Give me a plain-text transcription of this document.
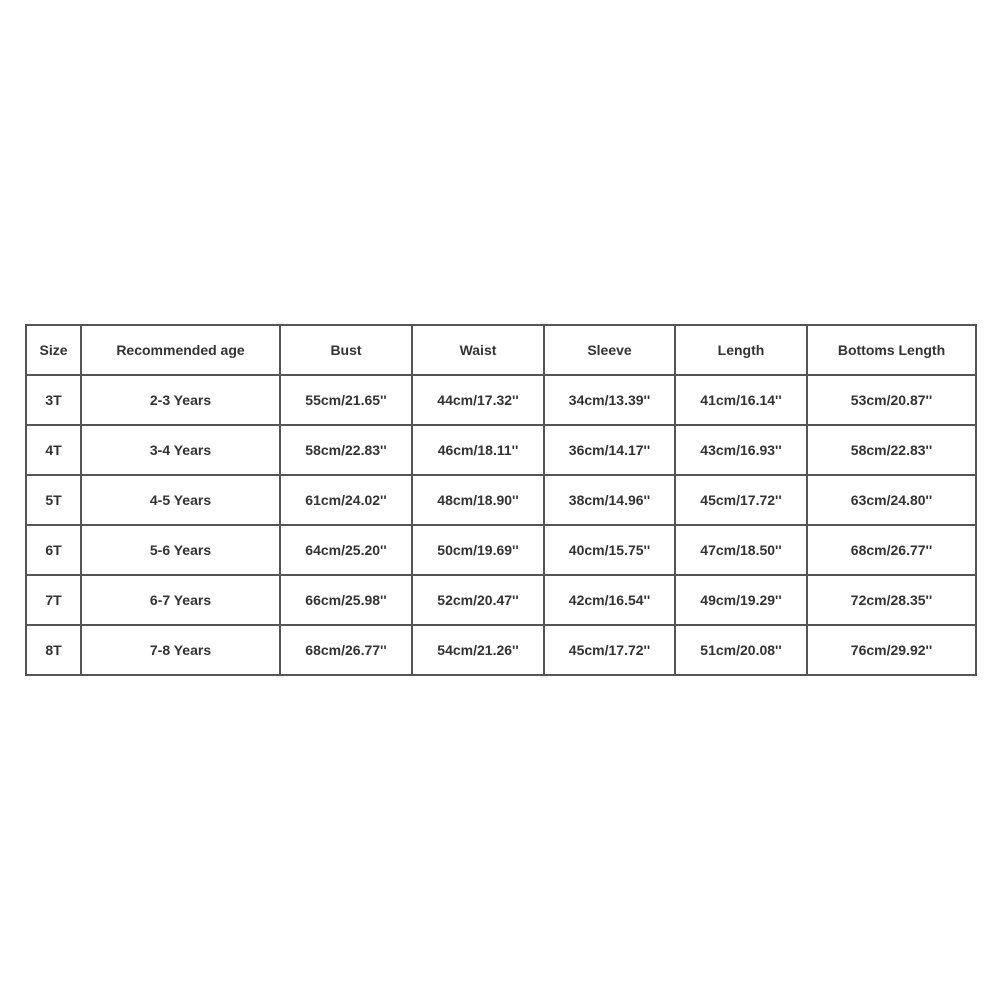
Size	Recommended age	Bust	Waist	Sleeve	Length	Bottoms Length
3T	2-3 Years	55cm/21.65''	44cm/17.32''	34cm/13.39''	41cm/16.14''	53cm/20.87''
4T	3-4 Years	58cm/22.83''	46cm/18.11''	36cm/14.17''	43cm/16.93''	58cm/22.83''
5T	4-5 Years	61cm/24.02''	48cm/18.90''	38cm/14.96''	45cm/17.72''	63cm/24.80''
6T	5-6 Years	64cm/25.20''	50cm/19.69''	40cm/15.75''	47cm/18.50''	68cm/26.77''
7T	6-7 Years	66cm/25.98''	52cm/20.47''	42cm/16.54''	49cm/19.29''	72cm/28.35''
8T	7-8 Years	68cm/26.77''	54cm/21.26''	45cm/17.72''	51cm/20.08''	76cm/29.92''
